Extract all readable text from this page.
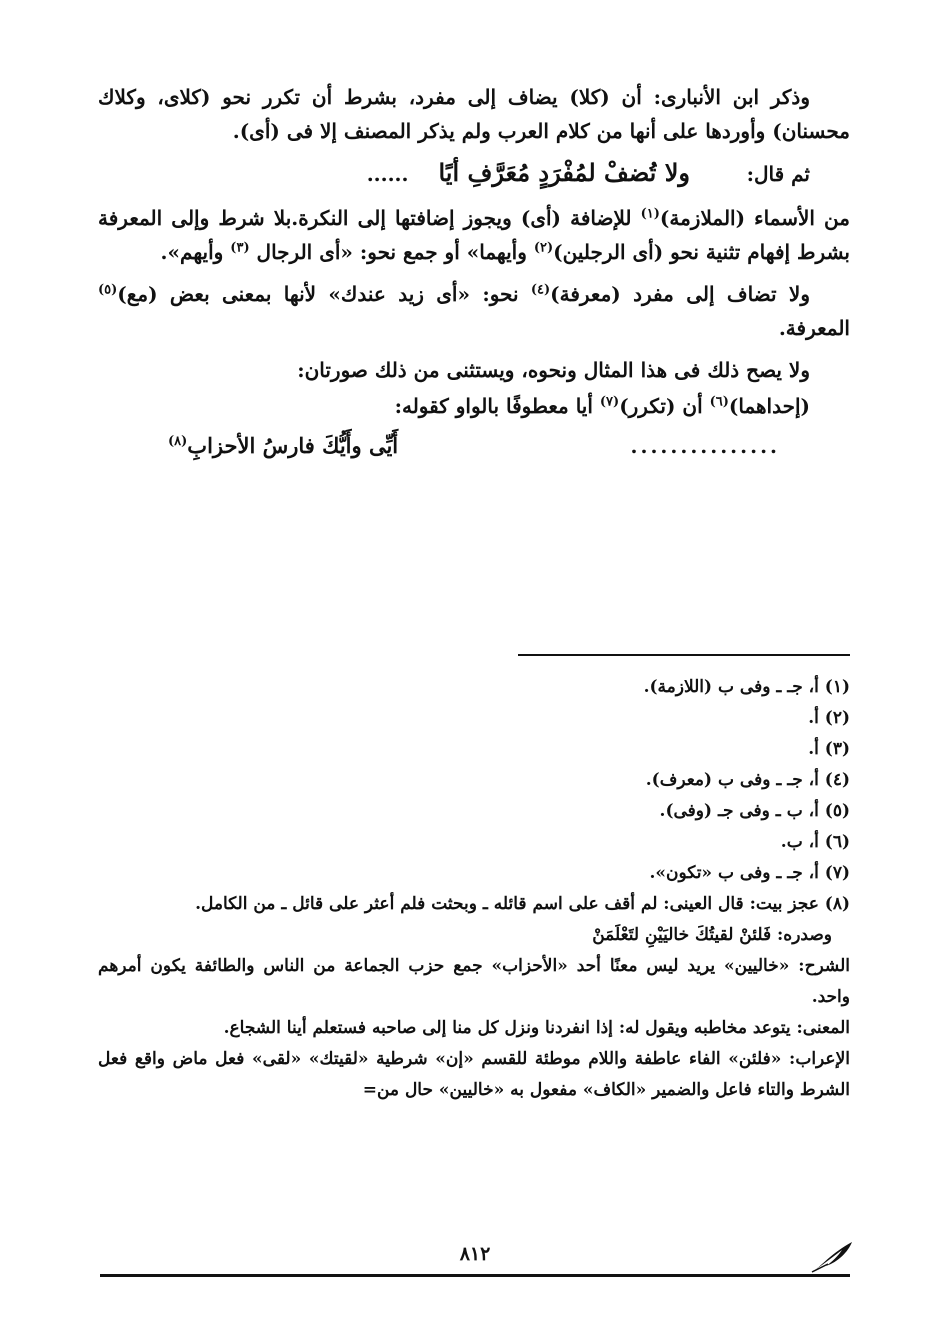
وذكر ابن الأنبارى: أن (كلا) يضاف إلى مفرد، بشرط أن تكرر نحو (كلاى، وكلاك محسنان) وأوردها على أنها من كلام العرب ولم يذكر المصنف إلا فى (أى).

ثم قال:
ولا تُضفْ لمُفْرَدٍ مُعَرَّفِ أيًا
......

من الأسماء (الملازمة)$^{(١)}$ للإضافة (أى) ويجوز إضافتها إلى النكرة.بلا شرط وإلى المعرفة بشرط إفهام تثنية نحو (أى الرجلين)$^{(٢)}$ وأيهما» أو جمع نحو: «أى الرجال $^{(٣)}$ وأيهم».

ولا تضاف إلى مفرد (معرفة)$^{(٤)}$ نحو: «أى زيد عندك» لأنها بمعنى بعض (مع)$^{(٥)}$ المعرفة.

ولا يصح ذلك فى هذا المثال ونحوه، ويستثنى من ذلك صورتان:

(إحداهما)$^{(٦)}$ أن (تكرر)$^{(٧)}$ أيا معطوفًا بالواو كقوله:

...............
أَيِّى وأَيُّكَ فارسُ الأحزابِ$^{(٨)}$

(١) أ، جـ ـ وفى ب (اللازمة).

(٢) أ.

(٣) أ.

(٤) أ، جـ ـ وفى ب (معرف).

(٥) أ، ب ـ وفى جـ (وفى).

(٦) أ، ب.

(٧) أ، جـ ـ وفى ب «تكون».

(٨) عجز بيت: قال العينى: لم أقف على اسم قائله ـ وبحثت فلم أعثر على قائل ـ من الكامل.

وصدره: فَلئنْ لقيتُكَ خاليَيْنِ لتَعْلَمَنْ

الشرح: «خاليين» يريد ليس معنًا أحد «الأحزاب» جمع حزب الجماعة من الناس والطائفة يكون أمرهم واحد.

المعنى: يتوعد مخاطبه ويقول له: إذا انفردنا ونزل كل منا إلى صاحبه فستعلم أينا الشجاع.

الإعراب: «فلئن» الفاء عاطفة واللام موطئة للقسم «إن» شرطية «لقيتك» «لقى» فعل ماض واقع فعل الشرط والتاء فاعل والضمير «الكاف» مفعول به «خاليين» حال من=

٨١٢
